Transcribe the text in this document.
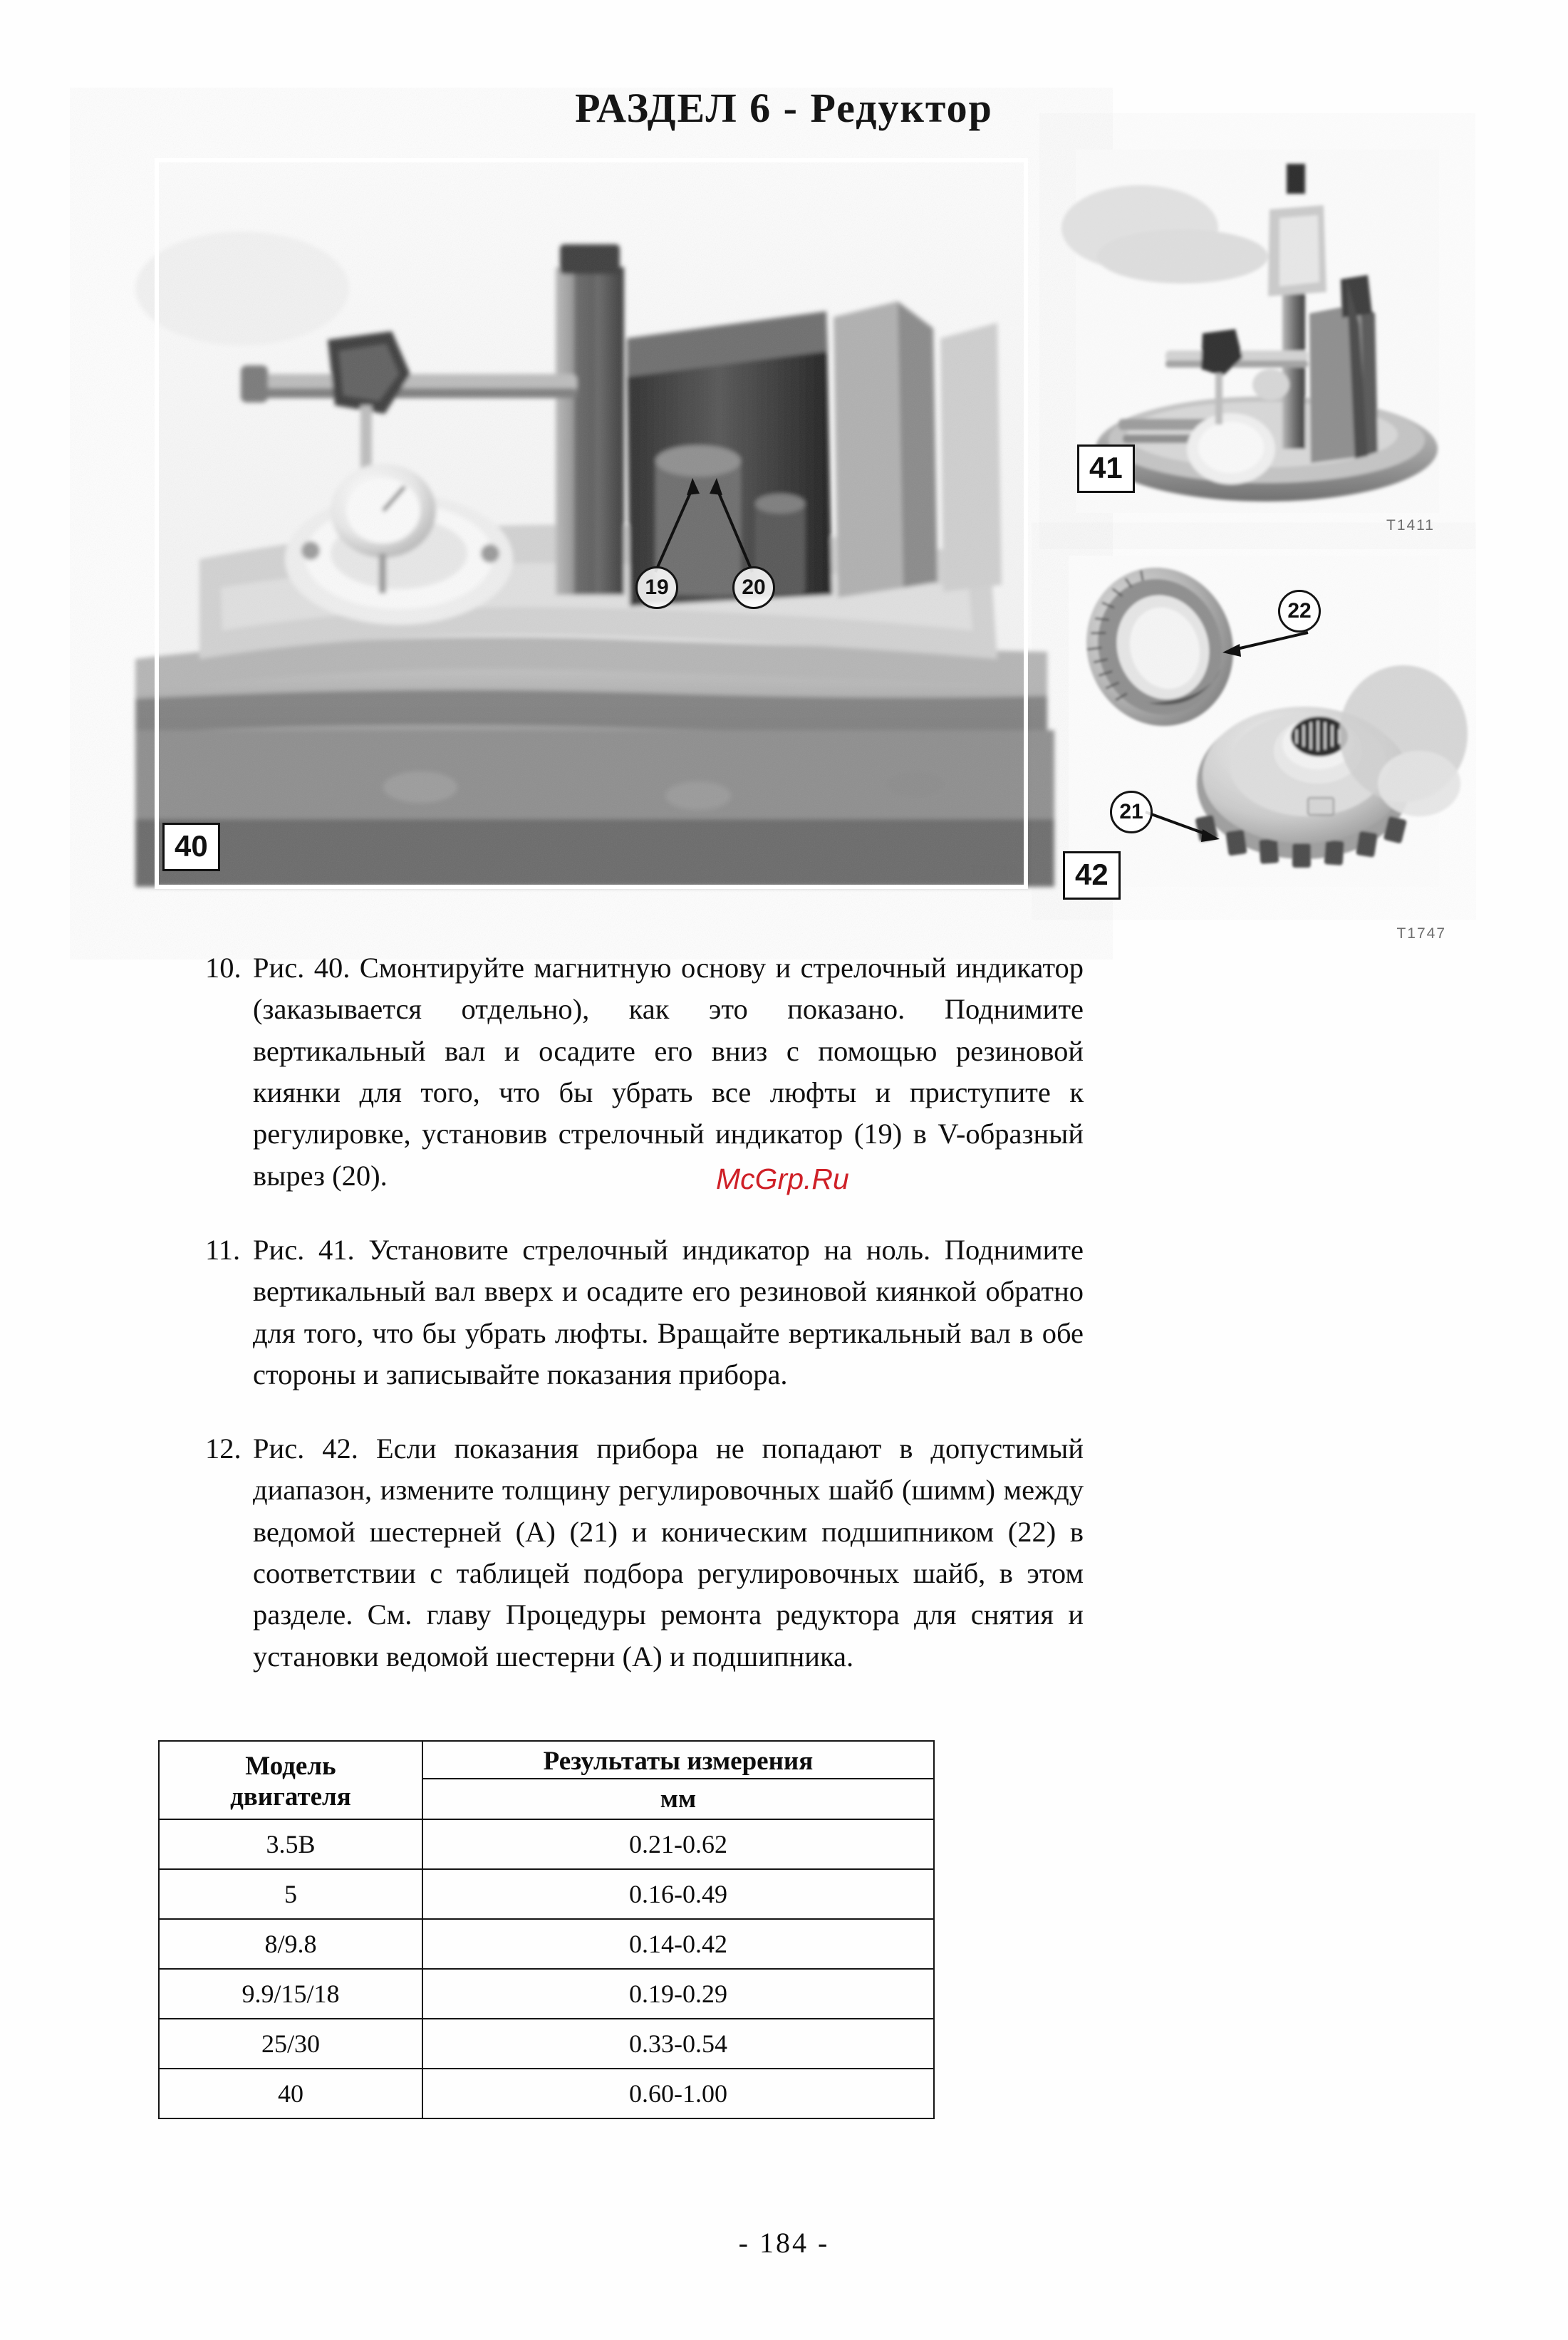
РАЗДЕЛ 6 - Редуктор
19	20
40
T1746
41
T1411
22
21
42
T1747

10. Рис. 40. Смонтируйте магнитную основу и стрелочный индикатор (заказывается отдельно), как это показано. Поднимите вертикальный вал и осадите его вниз с помощью резиновой киянки для того, что бы убрать все люфты и приступите к регулировке, установив стрелочный индикатор (19) в V-образный вырез (20).

11. Рис. 41. Установите стрелочный индикатор на ноль. Поднимите вертикальный вал вверх и осадите его резиновой киянкой обратно для того, что бы убрать люфты. Вращайте вертикальный вал в обе стороны и записывайте показания прибора.

12. Рис. 42. Если показания прибора не попадают в допустимый диапазон, измените толщину регулировочных шайб (шимм) между ведомой шестерней (А) (21) и коническим подшипником (22) в соответствии с таблицей подбора регулировочных шайб, в этом разделе. См. главу Процедуры ремонта редуктора для снятия и установки ведомой шестерни (А) и подшипника.

McGrp.Ru
Модель
двигателя	Результаты измерения
	мм
3.5В	0.21-0.62
5	0.16-0.49
8/9.8	0.14-0.42
9.9/15/18	0.19-0.29
25/30	0.33-0.54
40	0.60-1.00
- 184 -
